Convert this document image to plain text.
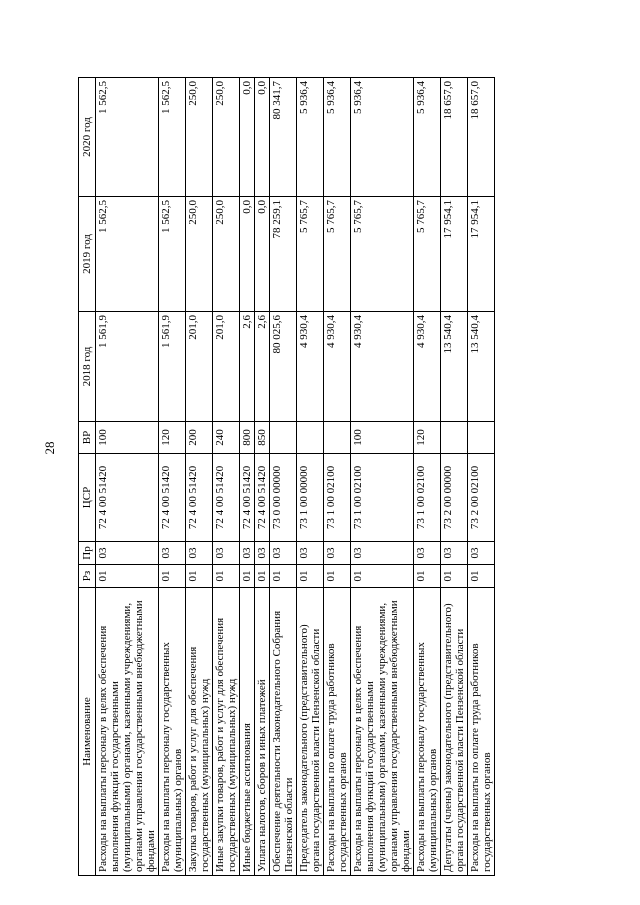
28
Наименование	Рз	Пр	ЦСР	ВР	2018 год	2019 год	2020 год
Расходы на выплаты персоналу в целях обеспечения выполнения функций государственными (муниципальными) органами, казенными учреждениями, органами управления государственными внебюджетными фондами	01	03	72 4 00 51420	100	1 561,9	1 562,5	1 562,5
Расходы на выплаты персоналу государственных (муниципальных) органов	01	03	72 4 00 51420	120	1 561,9	1 562,5	1 562,5
Закупка товаров, работ и услуг для обеспечения государственных (муниципальных) нужд	01	03	72 4 00 51420	200	201,0	250,0	250,0
Иные закупки товаров, работ и услуг для обеспечения государственных (муниципальных) нужд	01	03	72 4 00 51420	240	201,0	250,0	250,0
Иные бюджетные ассигнования	01	03	72 4 00 51420	800	2,6	0,0	0,0
Уплата налогов, сборов и иных платежей	01	03	72 4 00 51420	850	2,6	0,0	0,0
Обеспечение деятельности Законодательного Собрания Пензенской области	01	03	73 0 00 00000		80 025,6	78 259,1	80 341,7
Председатель законодательного (представительного) органа государственной власти Пензенской области	01	03	73 1 00 00000		4 930,4	5 765,7	5 936,4
Расходы на выплаты по оплате труда работников государственных органов	01	03	73 1 00 02100		4 930,4	5 765,7	5 936,4
Расходы на выплаты персоналу в целях обеспечения выполнения функций государственными (муниципальными) органами, казенными учреждениями, органами управления государственными внебюджетными фондами	01	03	73 1 00 02100	100	4 930,4	5 765,7	5 936,4
Расходы на выплаты персоналу государственных (муниципальных) органов	01	03	73 1 00 02100	120	4 930,4	5 765,7	5 936,4
Депутаты (члены) законодательного (представительного) органа государственной власти Пензенской области	01	03	73 2 00 00000		13 540,4	17 954,1	18 657,0
Расходы на выплаты по оплате труда работников государственных органов	01	03	73 2 00 02100		13 540,4	17 954,1	18 657,0
